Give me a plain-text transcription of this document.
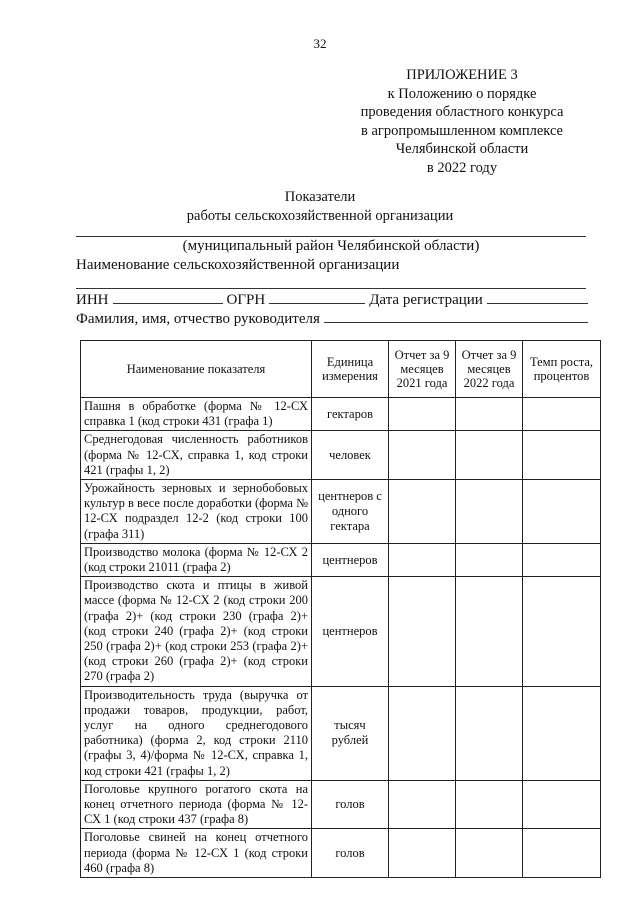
32
ПРИЛОЖЕНИЕ 3
к Положению о порядке
проведения областного конкурса
в агропромышленном комплексе
Челябинской области
в 2022 году
Показатели
работы сельскохозяйственной организации
(муниципальный район Челябинской области)
Наименование сельскохозяйственной организации
ИНН	ОГРН	Дата регистрации
Фамилия, имя, отчество руководителя
Наименование показателя	Единица измерения	Отчет за 9 месяцев 2021 года	Отчет за 9 месяцев 2022 года	Темп роста, процентов
Пашня в обработке (форма № 12-СХ справка 1 (код строки 431 (графа 1)	гектаров			
Среднегодовая численность работников (форма № 12-СХ, справка 1, код строки 421 (графы 1, 2)	человек			
Урожайность зерновых и зернобобовых культур в весе после доработки (форма № 12-СХ подраздел 12-2 (код строки 100 (графа 311)	центнеров с одного гектара			
Производство молока (форма № 12-СХ 2 (код строки 21011 (графа 2)	центнеров			
Производство скота и птицы в живой массе (форма № 12-СХ 2 (код строки 200 (графа 2)+ (код строки 230 (графа 2)+ (код строки 240 (графа 2)+ (код строки 250 (графа 2)+ (код строки 253 (графа 2)+ (код строки 260 (графа 2)+ (код строки 270 (графа 2)	центнеров			
Производительность труда (выручка от продажи товаров, продукции, работ, услуг на одного среднегодового работника) (форма 2, код строки 2110 (графы 3, 4)/форма № 12-СХ, справка 1, код строки 421 (графы 1, 2)	тысяч рублей			
Поголовье крупного рогатого скота на конец отчетного периода (форма № 12-СХ 1 (код строки 437 (графа 8)	голов			
Поголовье свиней на конец отчетного периода (форма № 12-СХ 1 (код строки 460 (графа 8)	голов			
